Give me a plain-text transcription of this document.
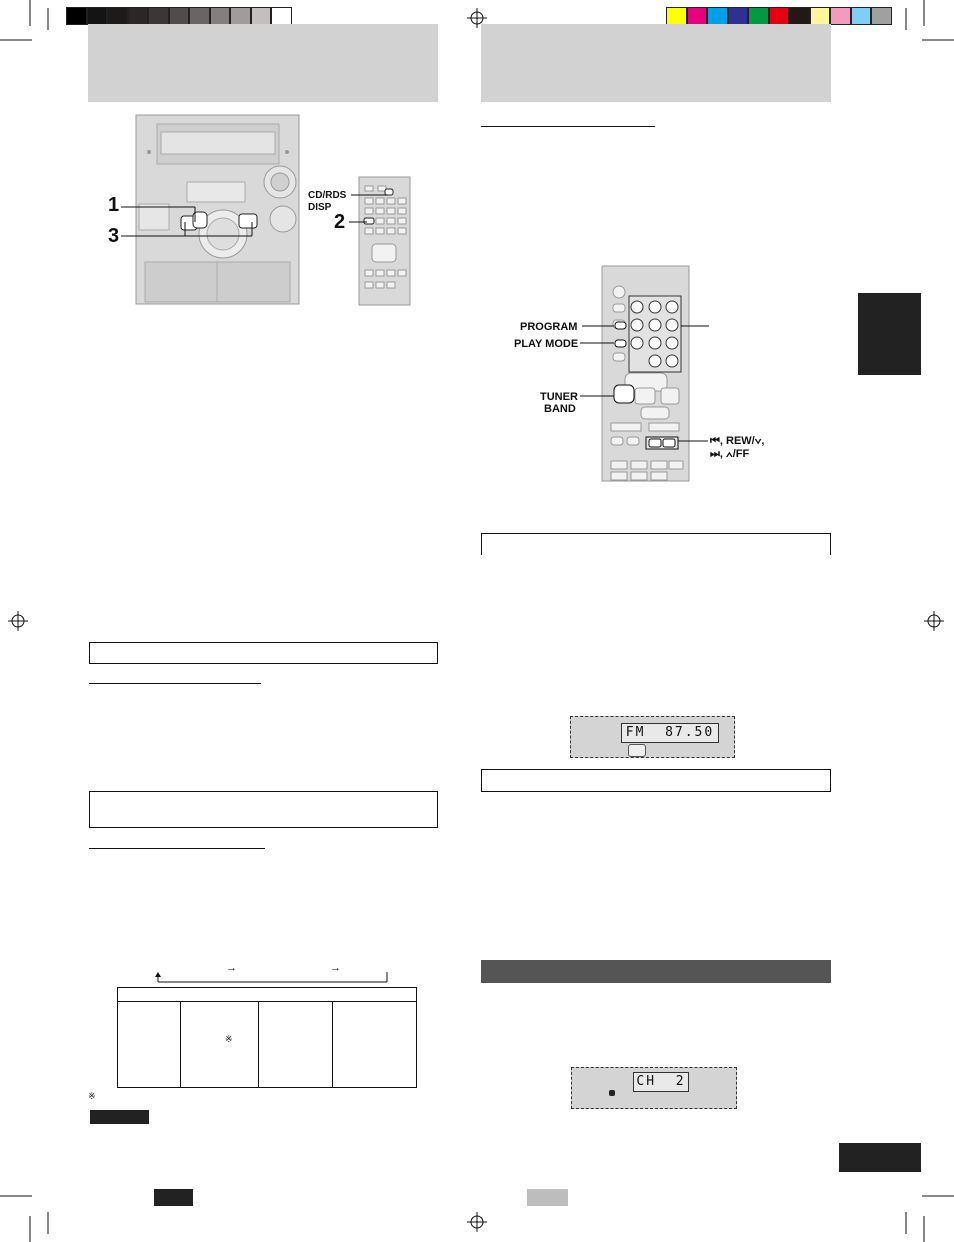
1
3
2
CD/RDS
DISP
→	→
※
※
PROGRAM
PLAY MODE
TUNER
BAND
⏮, REW/∨,
⏭, ∧/FF
FM  87.50
CH  2
